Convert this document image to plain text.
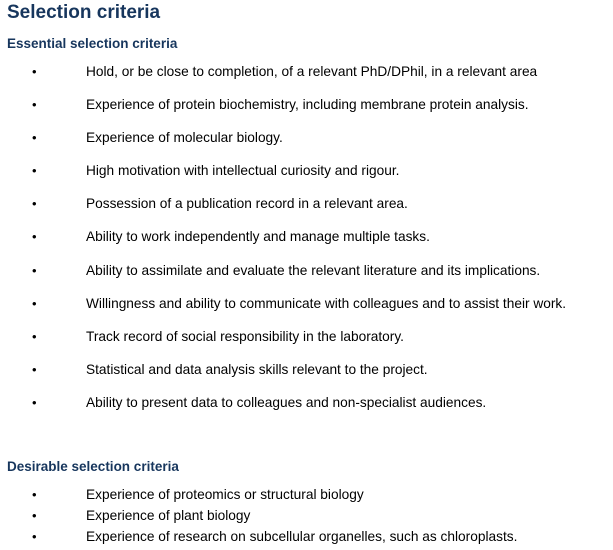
Selection criteria
Essential selection criteria
•	Hold, or be close to completion, of a relevant PhD/DPhil, in a relevant area
•	Experience of protein biochemistry, including membrane protein analysis.
•	Experience of molecular biology.
•	High motivation with intellectual curiosity and rigour.
•	Possession of a publication record in a relevant area.
•	Ability to work independently and manage multiple tasks.
•	Ability to assimilate and evaluate the relevant literature and its implications.
•	Willingness and ability to communicate with colleagues and to assist their work.
•	Track record of social responsibility in the laboratory.
•	Statistical and data analysis skills relevant to the project.
•	Ability to present data to colleagues and non-specialist audiences.
Desirable selection criteria
•	Experience of proteomics or structural biology
•	Experience of plant biology
•	Experience of research on subcellular organelles, such as chloroplasts.
